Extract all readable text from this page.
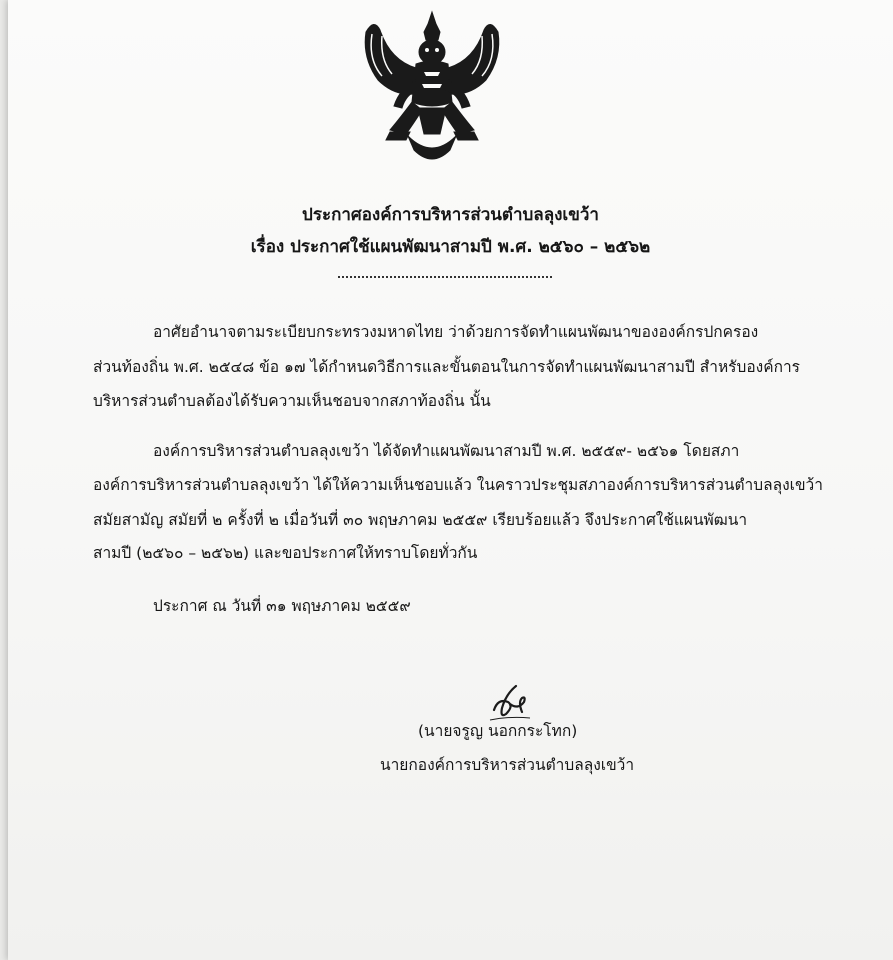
ประกาศองค์การบริหารส่วนตำบลลุงเขว้า
เรื่อง ประกาศใช้แผนพัฒนาสามปี พ.ศ. ๒๕๖๐ – ๒๕๖๒
อาศัยอำนาจตามระเบียบกระทรวงมหาดไทย ว่าด้วยการจัดทำแผนพัฒนาขององค์กรปกครอง
ส่วนท้องถิ่น พ.ศ. ๒๕๔๘ ข้อ ๑๗ ได้กำหนดวิธีการและขั้นตอนในการจัดทำแผนพัฒนาสามปี สำหรับองค์การ
บริหารส่วนตำบลต้องได้รับความเห็นชอบจากสภาท้องถิ่น นั้น
องค์การบริหารส่วนตำบลลุงเขว้า ได้จัดทำแผนพัฒนาสามปี พ.ศ. ๒๕๕๙- ๒๕๖๑ โดยสภา
องค์การบริหารส่วนตำบลลุงเขว้า ได้ให้ความเห็นชอบแล้ว ในคราวประชุมสภาองค์การบริหารส่วนตำบลลุงเขว้า
สมัยสามัญ สมัยที่ ๒ ครั้งที่ ๒ เมื่อวันที่ ๓๐ พฤษภาคม ๒๕๕๙ เรียบร้อยแล้ว จึงประกาศใช้แผนพัฒนา
สามปี (๒๕๖๐ – ๒๕๖๒) และขอประกาศให้ทราบโดยทั่วกัน
ประกาศ ณ วันที่ ๓๑ พฤษภาคม ๒๕๕๙
(นายจรูญ นอกกระโทก)
นายกองค์การบริหารส่วนตำบลลุงเขว้า
